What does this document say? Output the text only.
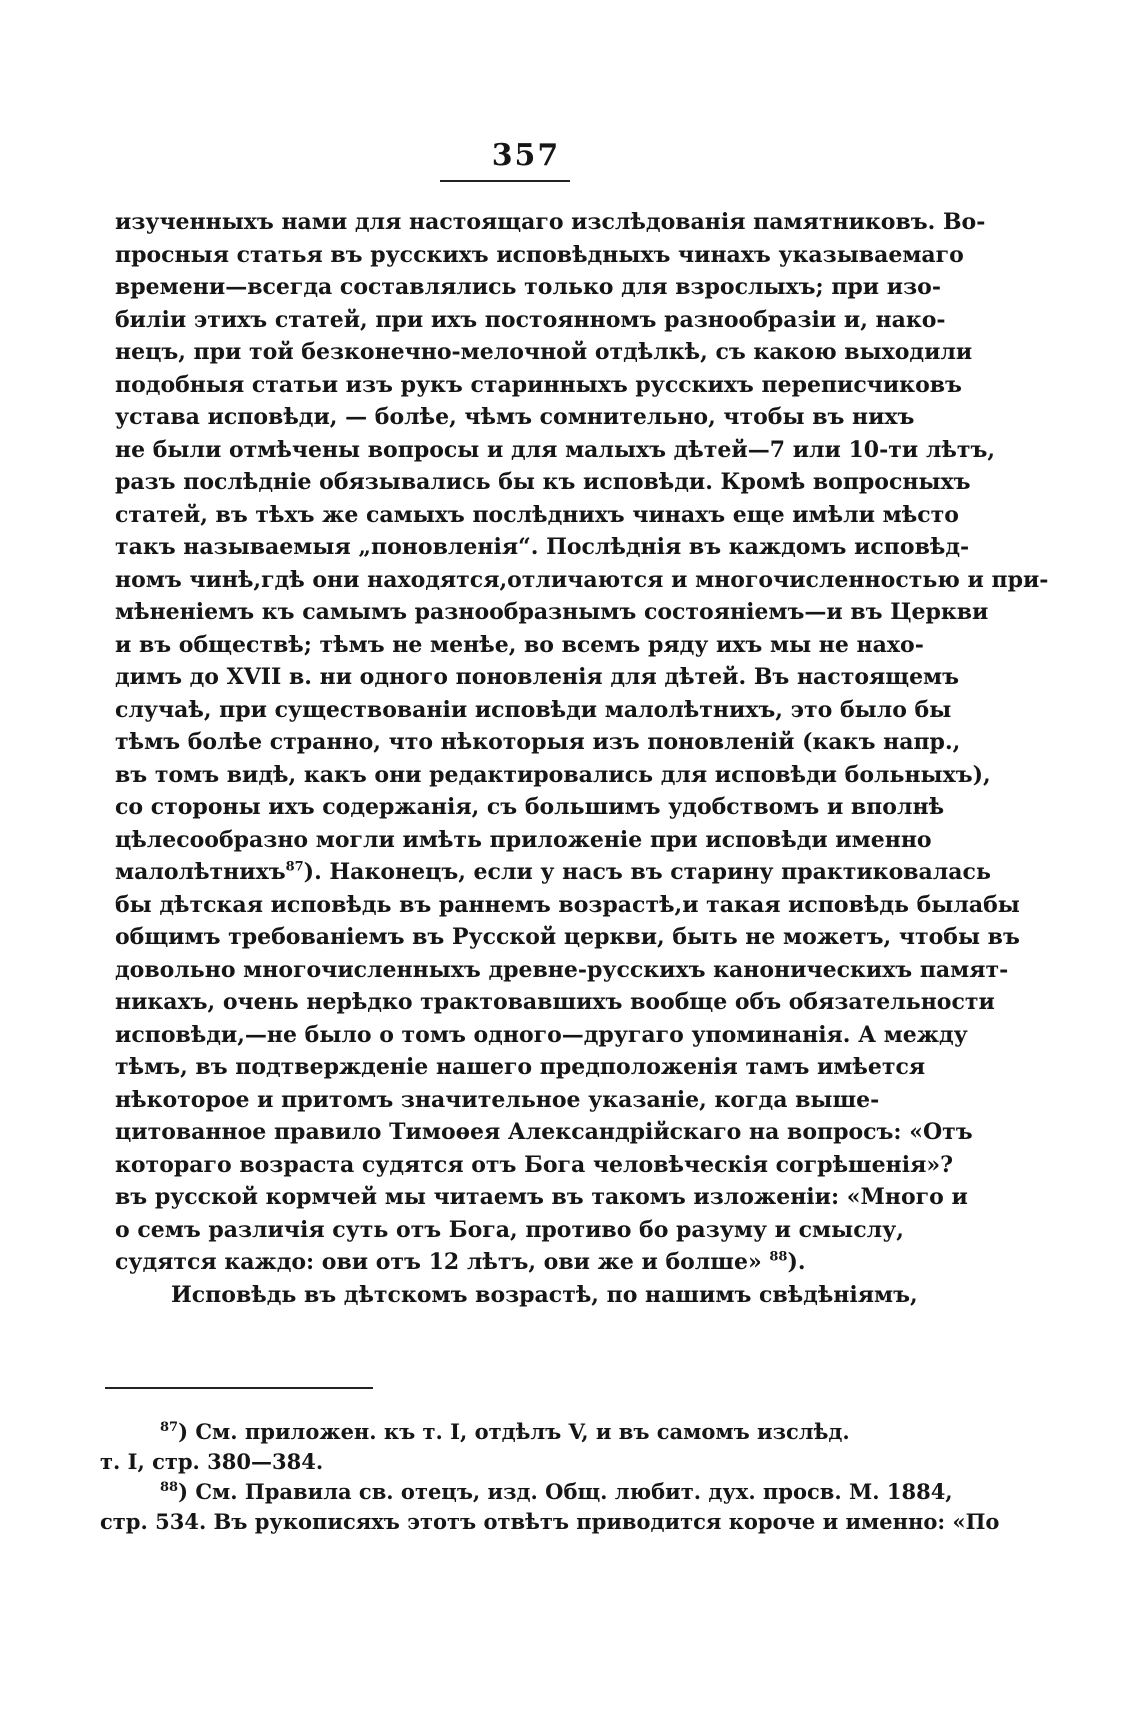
357
изученныхъ нами для настоящаго изслѣдованія памятниковъ. Во-
просныя статья въ русскихъ исповѣдныхъ чинахъ указываемаго
времени—всегда составлялись только для взрослыхъ; при изо-
биліи этихъ статей, при ихъ постоянномъ разнообразіи и, нако-
нецъ, при той безконечно-мелочной отдѣлкѣ, съ какою выходили
подобныя статьи изъ рукъ старинныхъ русскихъ переписчиковъ
устава исповѣди, — болѣе, чѣмъ сомнительно, чтобы въ нихъ
не были отмѣчены вопросы и для малыхъ дѣтей—7 или 10-ти лѣтъ,
разъ послѣдніе обязывались бы къ исповѣди. Кромѣ вопросныхъ
статей, въ тѣхъ же самыхъ послѣднихъ чинахъ еще имѣли мѣсто
такъ называемыя „поновленія“. Послѣднія въ каждомъ исповѣд-
номъ чинѣ,гдѣ они находятся,отличаются и многочисленностью и при-
мѣненіемъ къ самымъ разнообразнымъ состояніемъ—и въ Церкви
и въ обществѣ; тѣмъ не менѣе, во всемъ ряду ихъ мы не нахо-
димъ до XVII в. ни одного поновленія для дѣтей. Въ настоящемъ
случаѣ, при существованіи исповѣди малолѣтнихъ, это было бы
тѣмъ болѣе странно, что нѣкоторыя изъ поновленій (какъ напр.,
въ томъ видѣ, какъ они редактировались для исповѣди больныхъ),
со стороны ихъ содержанія, съ большимъ удобствомъ и вполнѣ
цѣлесообразно могли имѣть приложеніе при исповѣди именно
малолѣтнихъ$^{87}$). Наконецъ, если у насъ въ старину практиковалась
бы дѣтская исповѣдь въ раннемъ возрастѣ,и такая исповѣдь былабы
общимъ требованіемъ въ Русской церкви, быть не можетъ, чтобы въ
довольно многочисленныхъ древне-русскихъ каноническихъ памят-
никахъ, очень нерѣдко трактовавшихъ вообще объ обязательности
исповѣди,—не было о томъ одного—другаго упоминанія. А между
тѣмъ, въ подтвержденіе нашего предположенія тамъ имѣется
нѣкоторое и притомъ значительное указаніе, когда выше-
цитованное правило Тимоѳея Александрійскаго на вопросъ: «Отъ
котораго возраста судятся отъ Бога человѣческія согрѣшенія»?
въ русской кормчей мы читаемъ въ такомъ изложеніи: «Много и
о семъ различія суть отъ Бога, противо бо разуму и смыслу,
судятся каждо: ови отъ 12 лѣтъ, ови же и болше» $^{88}$).
Исповѣдь въ дѣтскомъ возрастѣ, по нашимъ свѣдѣніямъ,
$^{87}$) См. приложен. къ т. I, отдѣлъ V, и въ самомъ изслѣд.
т. I, стр. 380—384.
$^{88}$) См. Правила св. отецъ, изд. Общ. любит. дух. просв. М. 1884,
стр. 534. Въ рукописяхъ этотъ отвѣтъ приводится короче и именно: «По
